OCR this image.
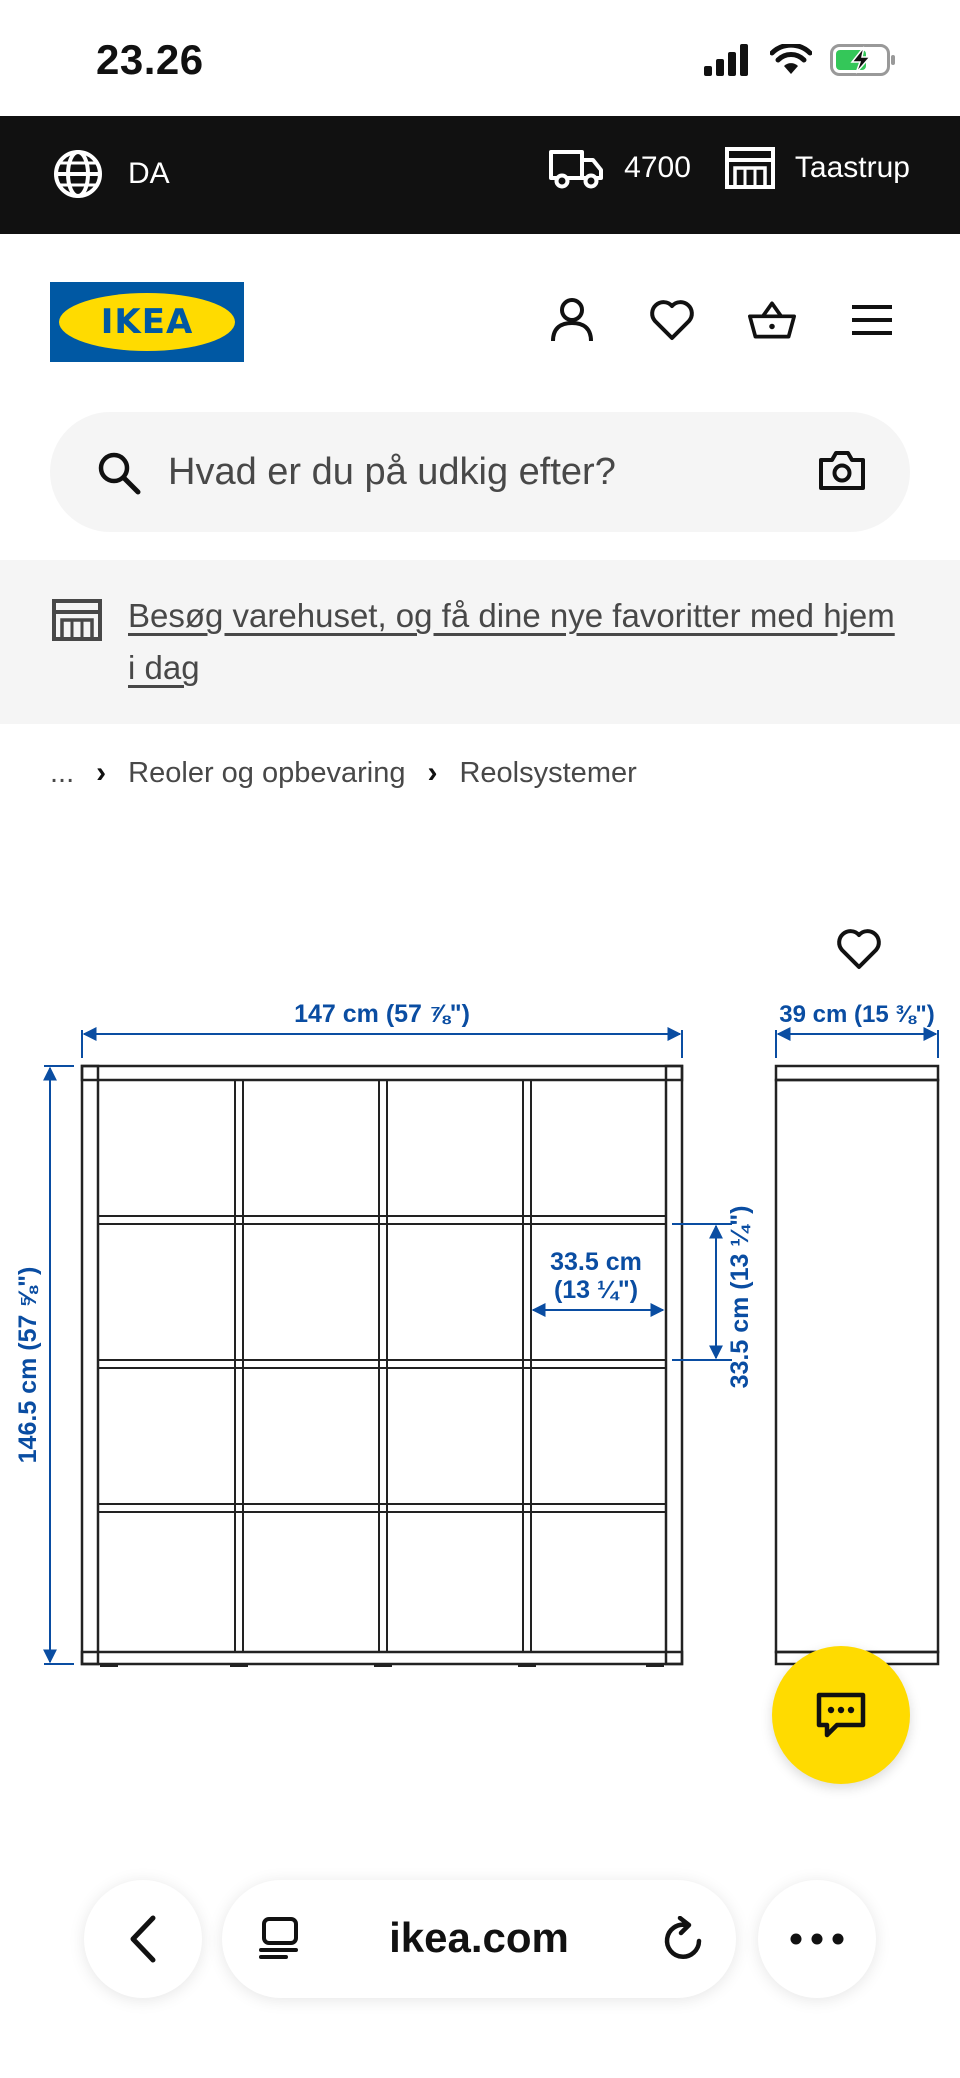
23.26
DA	4700	Taastrup
IKEA
Hvad er du på udkig efter?
Besøg varehuset, og få dine nye favoritter med hjem i dag
... › Reoler og opbevaring › Reolsystemer
147 cm (57 ⅞")	39 cm (15 ⅜")
146.5 cm (57 ⅝")
33.5 cm
(13 ¼")	33.5 cm (13 ¼")
ikea.com
